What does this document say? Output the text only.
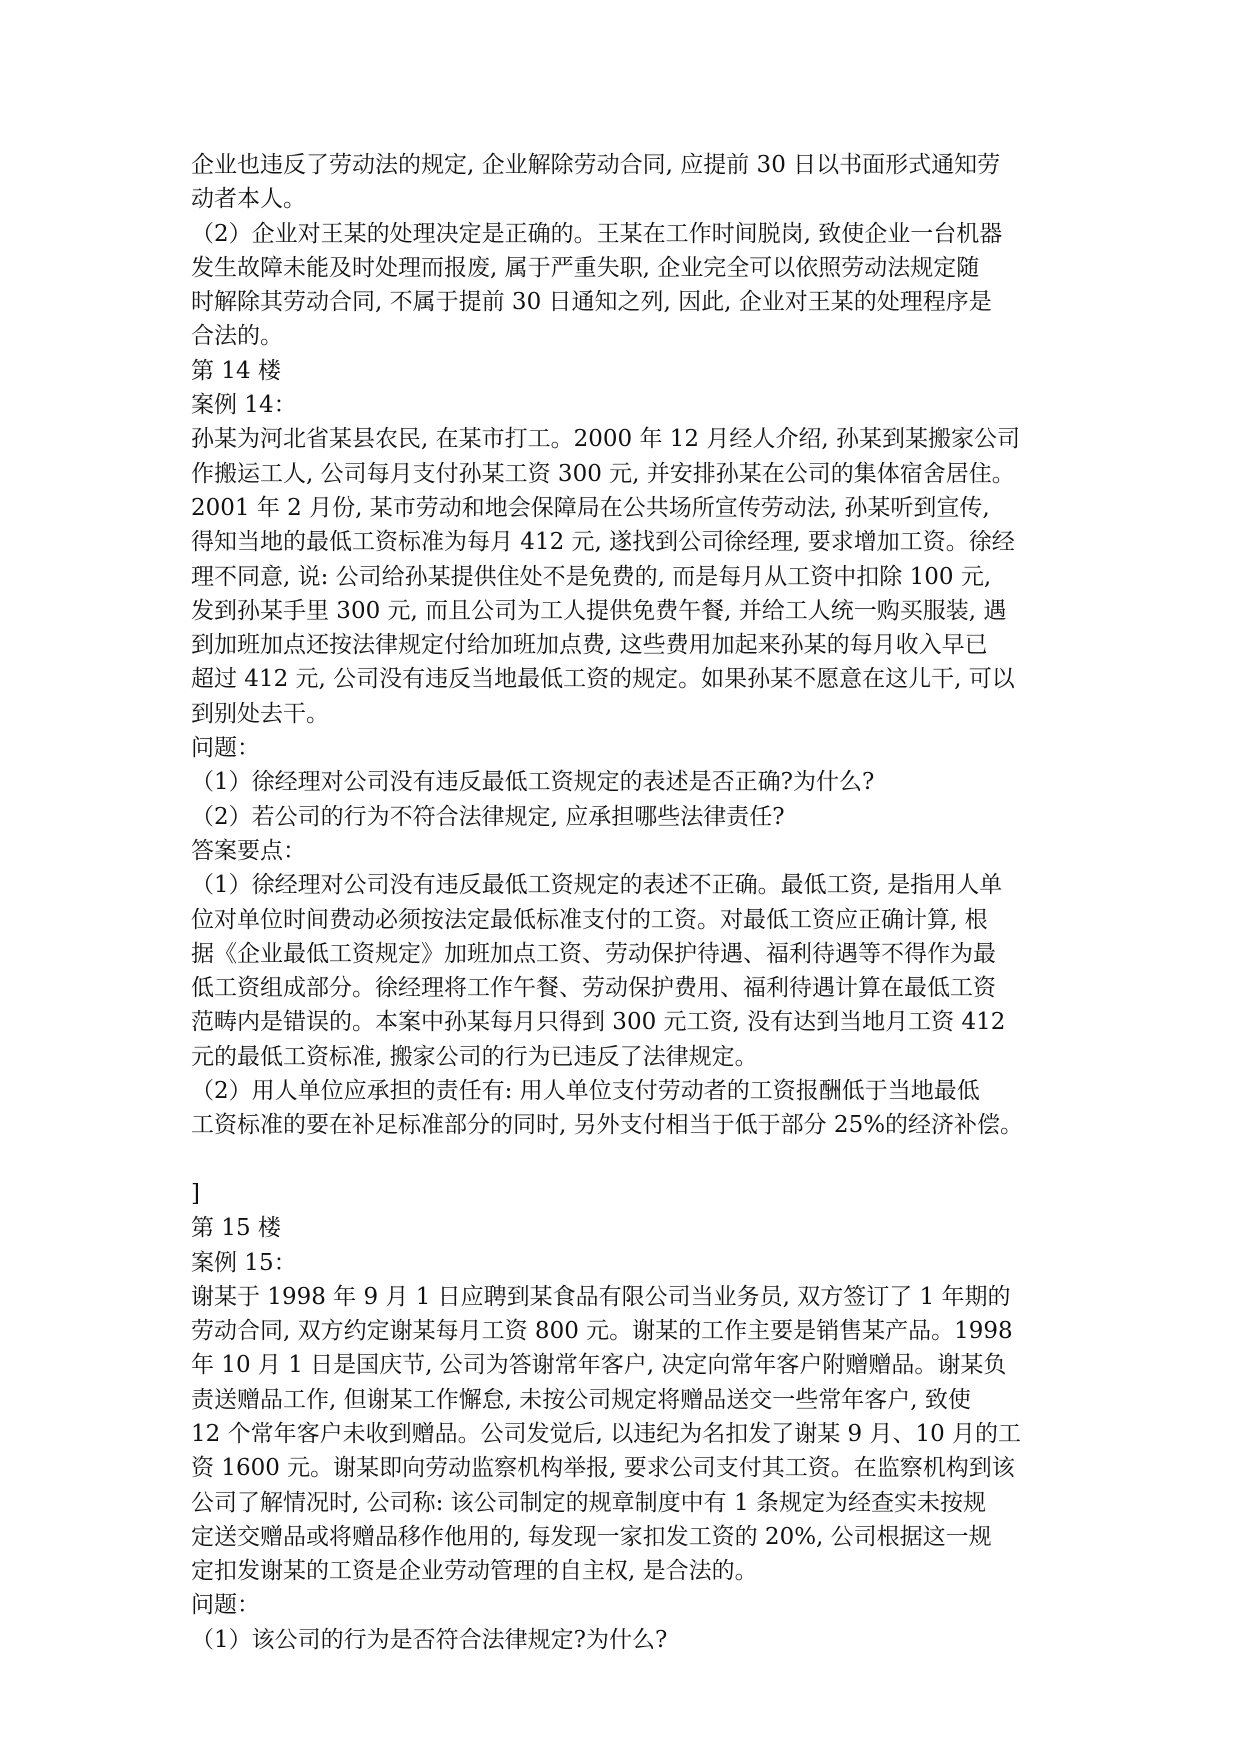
企业也违反了劳动法的规定, 企业解除劳动合同, 应提前 30 日以书面形式通知劳
动者本人。
（2）企业对王某的处理决定是正确的。王某在工作时间脱岗, 致使企业一台机器
发生故障未能及时处理而报废, 属于严重失职, 企业完全可以依照劳动法规定随
时解除其劳动合同, 不属于提前 30 日通知之列, 因此, 企业对王某的处理程序是
合法的。
第 14 楼
案例 14：
孙某为河北省某县农民, 在某市打工。2000 年 12 月经人介绍, 孙某到某搬家公司
作搬运工人, 公司每月支付孙某工资 300 元, 并安排孙某在公司的集体宿舍居住。
2001 年 2 月份, 某市劳动和地会保障局在公共场所宣传劳动法, 孙某听到宣传,
得知当地的最低工资标准为每月 412 元, 遂找到公司徐经理, 要求增加工资。徐经
理不同意, 说: 公司给孙某提供住处不是免费的, 而是每月从工资中扣除 100 元,
发到孙某手里 300 元, 而且公司为工人提供免费午餐, 并给工人统一购买服装, 遇
到加班加点还按法律规定付给加班加点费, 这些费用加起来孙某的每月收入早已
超过 412 元, 公司没有违反当地最低工资的规定。如果孙某不愿意在这儿干, 可以
到别处去干。
问题：
（1）徐经理对公司没有违反最低工资规定的表述是否正确?为什么?
（2）若公司的行为不符合法律规定, 应承担哪些法律责任?
答案要点：
（1）徐经理对公司没有违反最低工资规定的表述不正确。最低工资, 是指用人单
位对单位时间费动必须按法定最低标准支付的工资。对最低工资应正确计算, 根
据《企业最低工资规定》加班加点工资、劳动保护待遇、福利待遇等不得作为最
低工资组成部分。徐经理将工作午餐、劳动保护费用、福利待遇计算在最低工资
范畴内是错误的。本案中孙某每月只得到 300 元工资, 没有达到当地月工资 412
元的最低工资标准, 搬家公司的行为已违反了法律规定。
（2）用人单位应承担的责任有: 用人单位支付劳动者的工资报酬低于当地最低
工资标准的要在补足标准部分的同时, 另外支付相当于低于部分 25%的经济补偿。
]
第 15 楼
案例 15：
谢某于 1998 年 9 月 1 日应聘到某食品有限公司当业务员, 双方签订了 1 年期的
劳动合同, 双方约定谢某每月工资 800 元。谢某的工作主要是销售某产品。1998
年 10 月 1 日是国庆节, 公司为答谢常年客户, 决定向常年客户附赠赠品。谢某负
责送赠品工作, 但谢某工作懈怠, 未按公司规定将赠品送交一些常年客户, 致使
12 个常年客户未收到赠品。公司发觉后, 以违纪为名扣发了谢某 9 月、10 月的工
资 1600 元。谢某即向劳动监察机构举报, 要求公司支付其工资。在监察机构到该
公司了解情况时, 公司称: 该公司制定的规章制度中有 1 条规定为经查实未按规
定送交赠品或将赠品移作他用的, 每发现一家扣发工资的 20%, 公司根据这一规
定扣发谢某的工资是企业劳动管理的自主权, 是合法的。
问题：
（1）该公司的行为是否符合法律规定?为什么?
